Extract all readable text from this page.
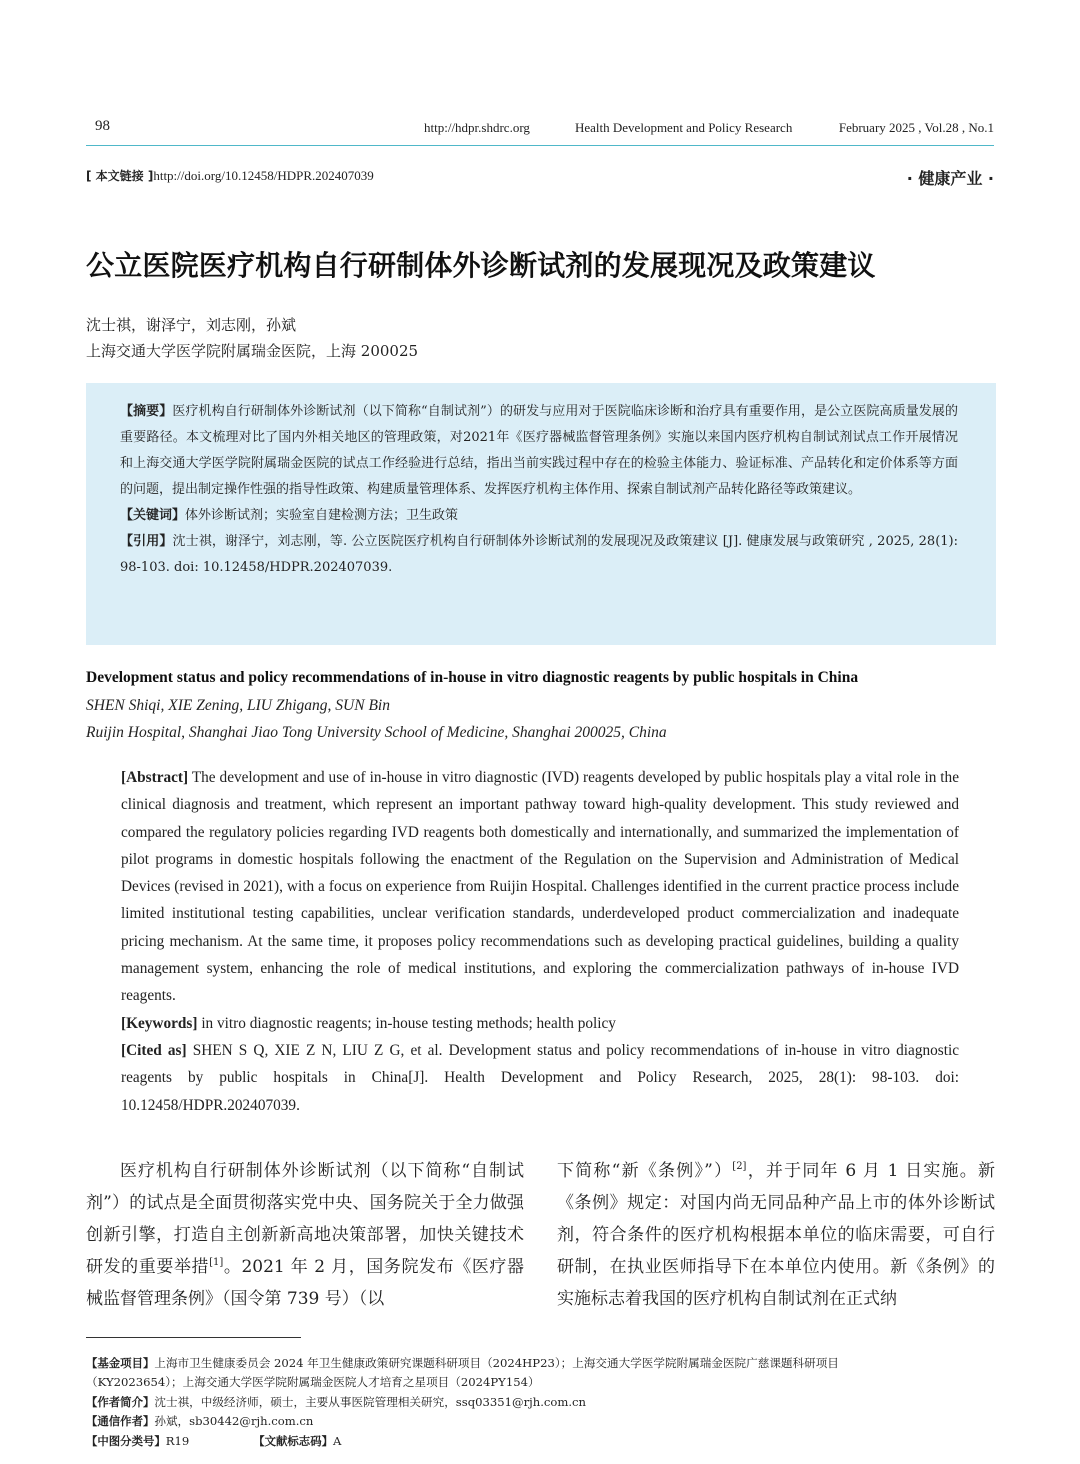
98	http://hdpr.shdrc.org	Health Development and Policy Research	February 2025 , Vol.28 , No.1
[ 本文链接 ]http://doi.org/10.12458/HDPR.202407039	· 健康产业 ·
公立医院医疗机构自行研制体外诊断试剂的发展现况及政策建议
沈士祺，谢泽宁，刘志刚，孙斌
上海交通大学医学院附属瑞金医院，上海 200025

【摘要】医疗机构自行研制体外诊断试剂（以下简称“自制试剂”）的研发与应用对于医院临床诊断和治疗具有重要作用，是公立医院高质量发展的重要路径。本文梳理对比了国内外相关地区的管理政策，对2021年《医疗器械监督管理条例》实施以来国内医疗机构自制试剂试点工作开展情况和上海交通大学医学院附属瑞金医院的试点工作经验进行总结，指出当前实践过程中存在的检验主体能力、验证标准、产品转化和定价体系等方面的问题，提出制定操作性强的指导性政策、构建质量管理体系、发挥医疗机构主体作用、探索自制试剂产品转化路径等政策建议。

【关键词】体外诊断试剂；实验室自建检测方法；卫生政策

【引用】沈士祺，谢泽宁，刘志刚，等. 公立医院医疗机构自行研制体外诊断试剂的发展现况及政策建议 [J]. 健康发展与政策研究 , 2025, 28(1): 98-103. doi: 10.12458/HDPR.202407039.

Development status and policy recommendations of in-house in vitro diagnostic reagents by public hospitals in China
SHEN Shiqi, XIE Zening, LIU Zhigang, SUN Bin
Ruijin Hospital, Shanghai Jiao Tong University School of Medicine, Shanghai 200025, China

[Abstract] The development and use of in-house in vitro diagnostic (IVD) reagents developed by public hospitals play a vital role in the clinical diagnosis and treatment, which represent an important pathway toward high-quality development. This study reviewed and compared the regulatory policies regarding IVD reagents both domestically and internationally, and summarized the implementation of pilot programs in domestic hospitals following the enactment of the Regulation on the Supervision and Administration of Medical Devices (revised in 2021), with a focus on experience from Ruijin Hospital. Challenges identified in the current practice process include limited institutional testing capabilities, unclear verification standards, underdeveloped product commercialization and inadequate pricing mechanism. At the same time, it proposes policy recommendations such as developing practical guidelines, building a quality management system, enhancing the role of medical institutions, and exploring the commercialization pathways of in-house IVD reagents.

[Keywords] in vitro diagnostic reagents; in-house testing methods; health policy

[Cited as] SHEN S Q, XIE Z N, LIU Z G, et al. Development status and policy recommendations of in-house in vitro diagnostic reagents by public hospitals in China[J]. Health Development and Policy Research, 2025, 28(1): 98-103. doi: 10.12458/HDPR.202407039.

医疗机构自行研制体外诊断试剂（以下简称“自制试剂”）的试点是全面贯彻落实党中央、国务院关于全力做强创新引擎，打造自主创新新高地决策部署，加快关键技术研发的重要举措[1]。2021 年 2 月，国务院发布《医疗器械监督管理条例》（国令第 739 号）（以
下简称“新《条例》”）[2]，并于同年 6 月 1 日实施。新《条例》规定：对国内尚无同品种产品上市的体外诊断试剂，符合条件的医疗机构根据本单位的临床需要，可自行研制，在执业医师指导下在本单位内使用。新《条例》的实施标志着我国的医疗机构自制试剂在正式纳
【基金项目】上海市卫生健康委员会 2024 年卫生健康政策研究课题科研项目（2024HP23）；上海交通大学医学院附属瑞金医院广慈课题科研项目
（KY2023654）；上海交通大学医学院附属瑞金医院人才培育之星项目（2024PY154）
【作者简介】沈士祺，中级经济师，硕士，主要从事医院管理相关研究，ssq03351@rjh.com.cn
【通信作者】孙斌，sb30442@rjh.com.cn
【中图分类号】R19	【文献标志码】A
